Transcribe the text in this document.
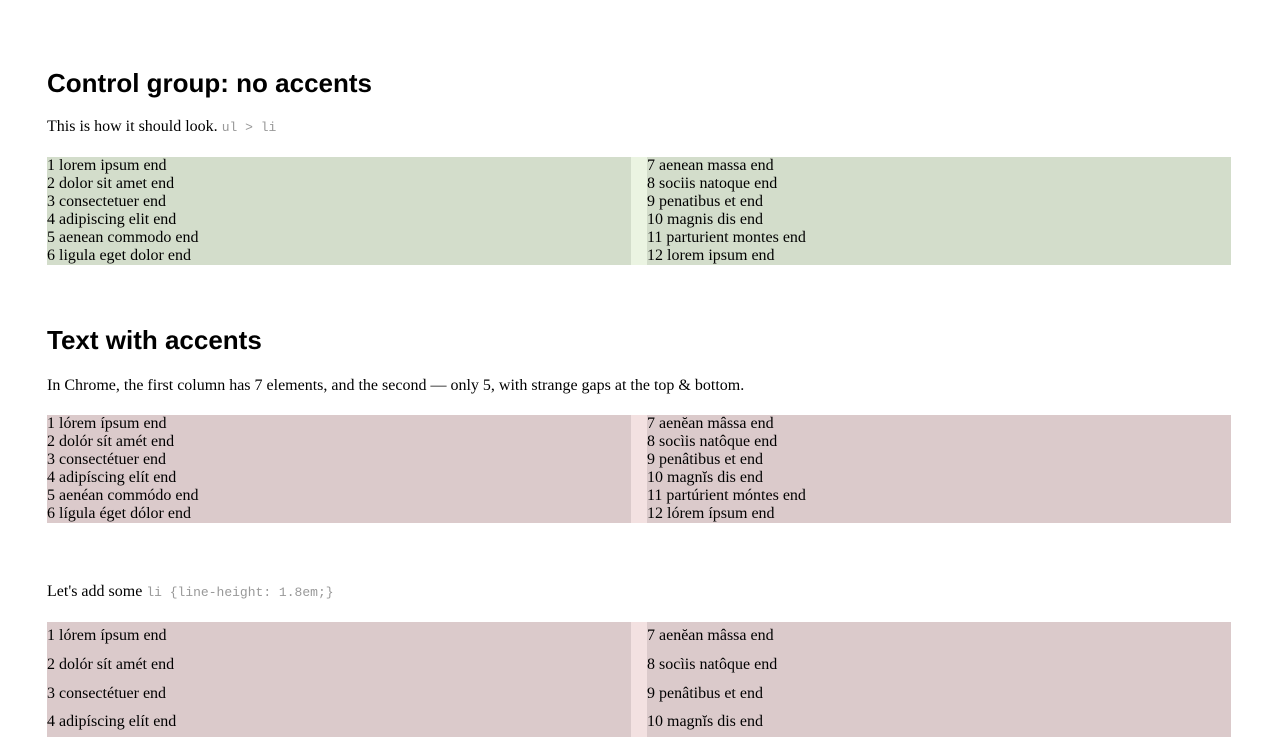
Control group: no accents

This is how it should look. ul > li

1 lorem ipsum end
2 dolor sit amet end
3 consectetuer end
4 adipiscing elit end
5 aenean commodo end
6 ligula eget dolor end
7 aenean massa end
8 sociis natoque end
9 penatibus et end
10 magnis dis end
11 parturient montes end
12 lorem ipsum end
Text with accents

In Chrome, the first column has 7 elements, and the second — only 5, with strange gaps at the top & bottom.

1 lórem ípsum end
2 dolór sít amét end
3 consectétuer end
4 adipíscing elít end
5 aenéan commódo end
6 lígula éget dólor end
7 aenĕan mâssa end
8 socìis natôque end
9 penâtibus et end
10 magnĭs dis end
11 partúrient móntes end
12 lórem ípsum end

Let's add some li {line-height: 1.8em;}

1 lórem ípsum end
2 dolór sít amét end
3 consectétuer end
4 adipíscing elít end
7 aenĕan mâssa end
8 socìis natôque end
9 penâtibus et end
10 magnĭs dis end
